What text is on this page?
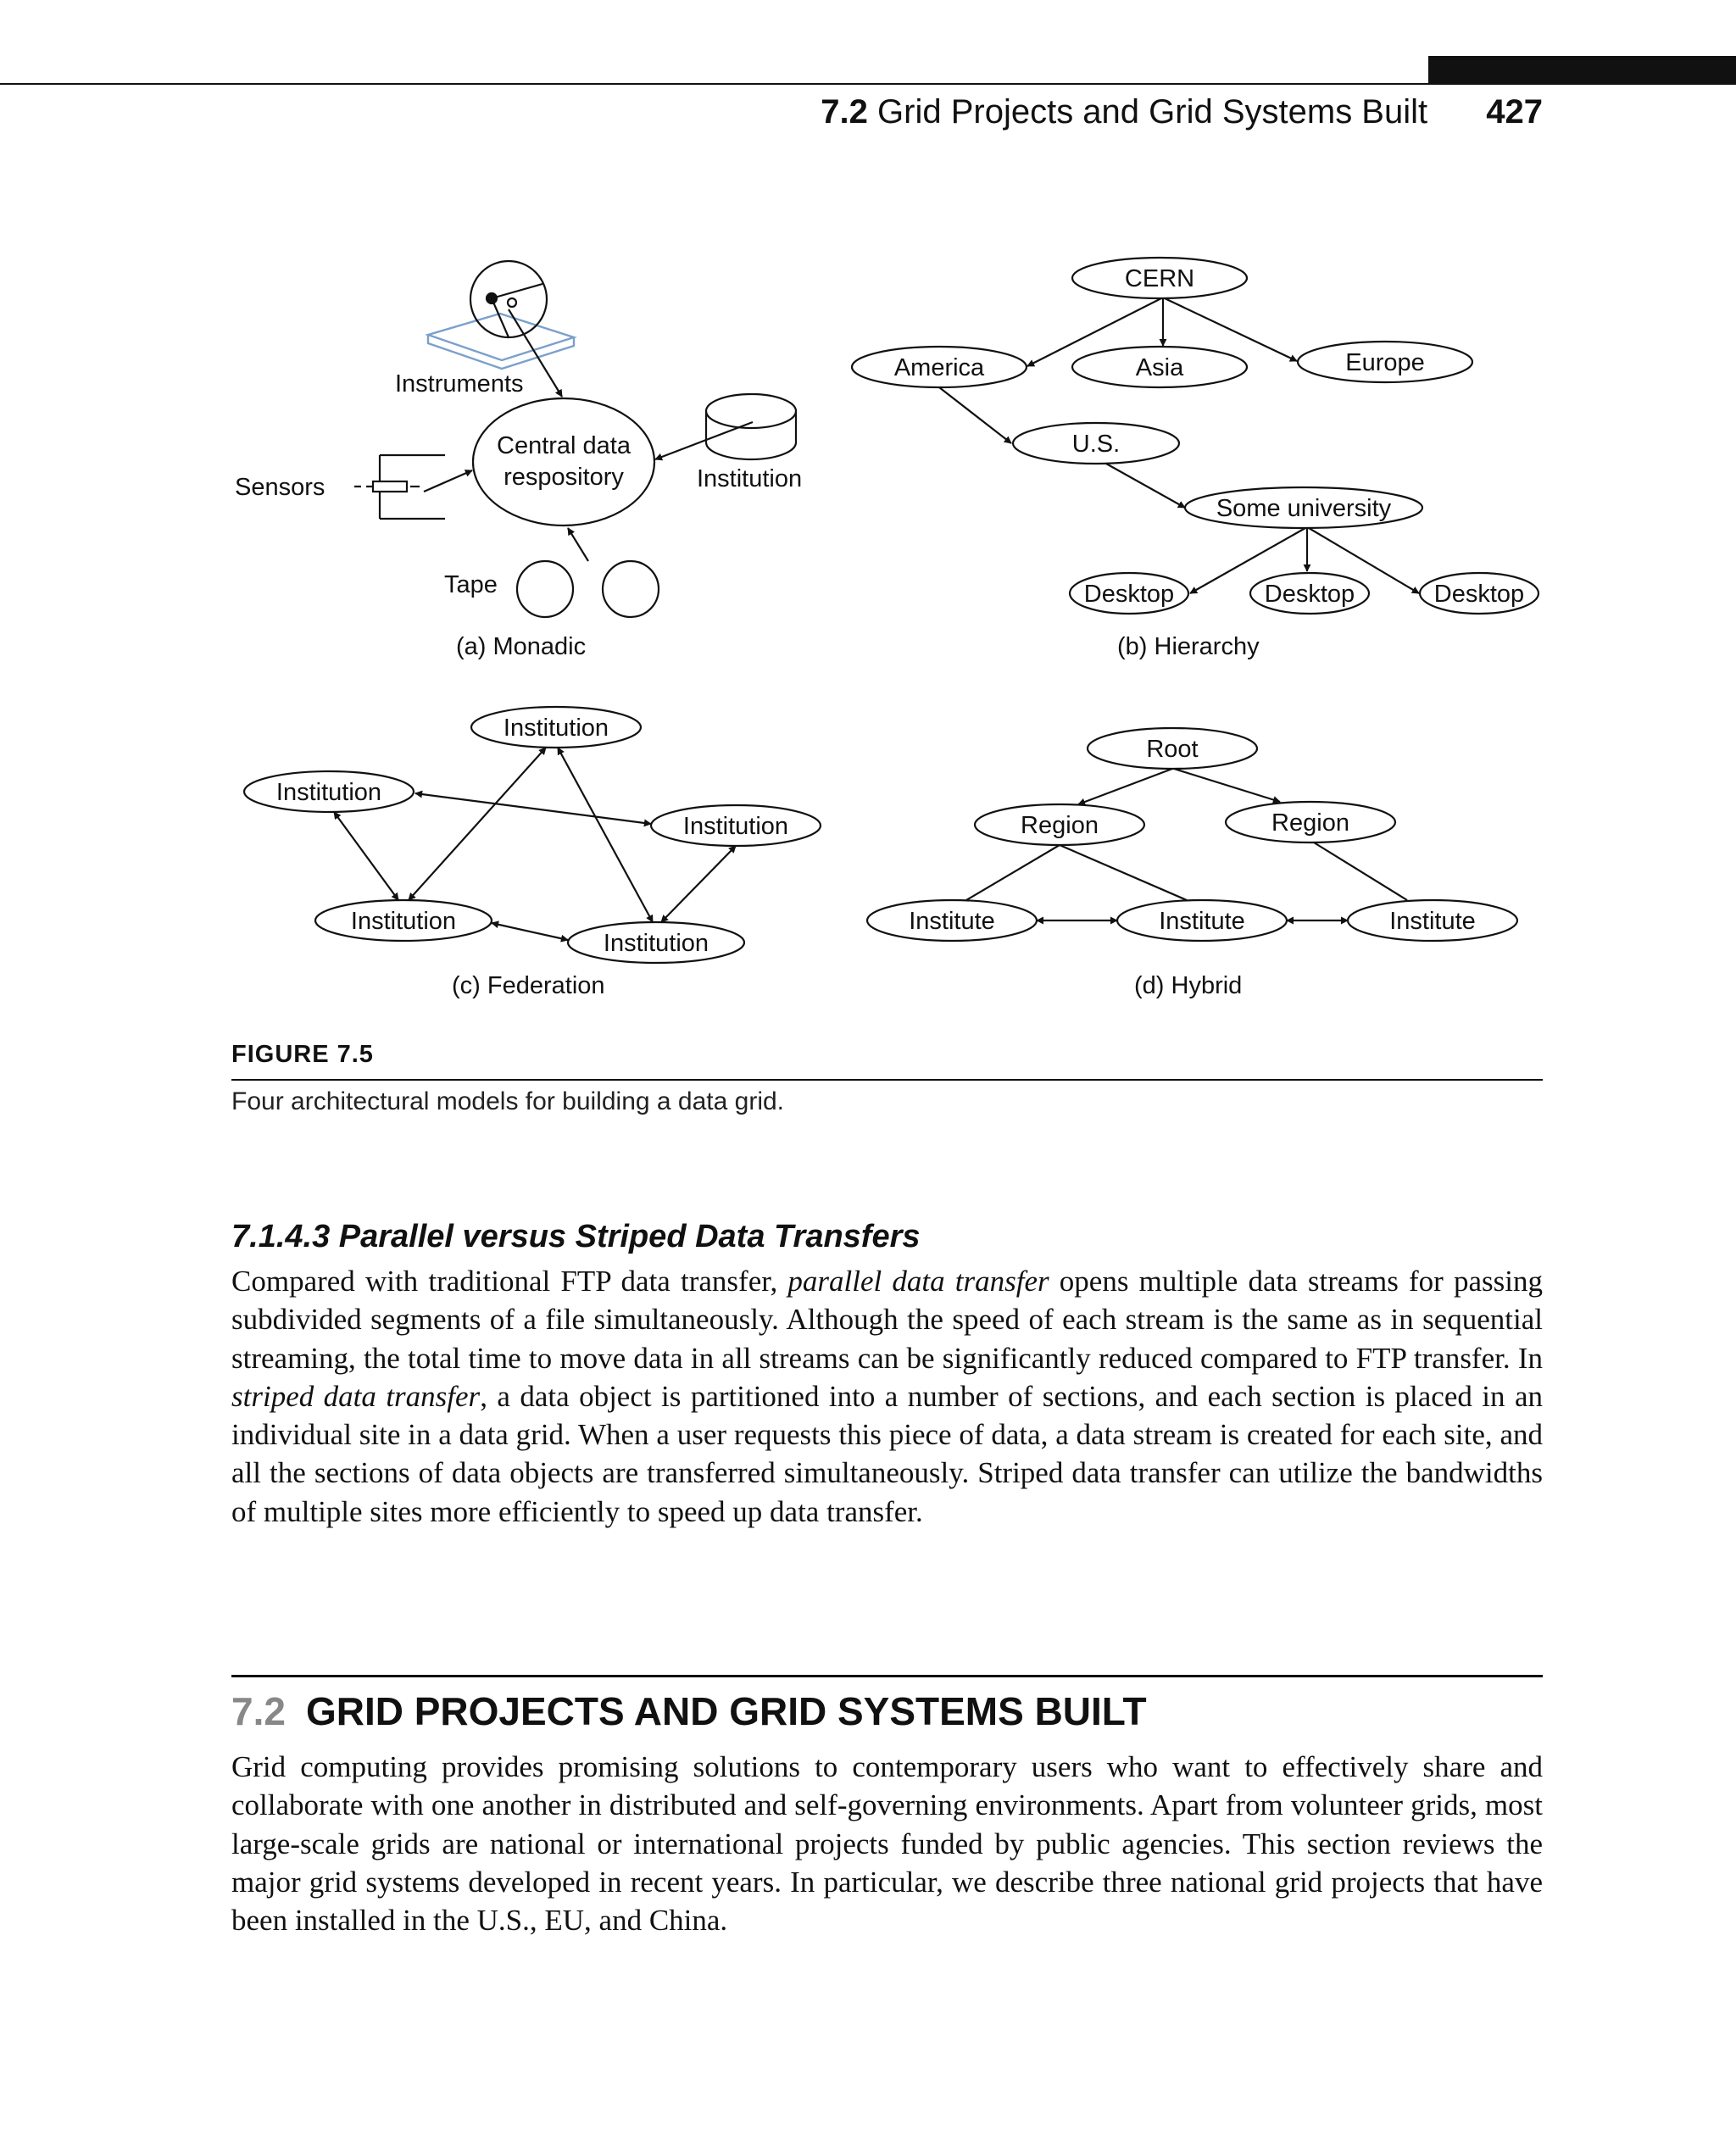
7.2 Grid Projects and Grid Systems Built 427
Instruments
Central data
respository	Institution
Sensors
Tape
(a) Monadic
CERN
America	Asia	Europe
U.S.
Some university
Desktop	Desktop	Desktop
(b) Hierarchy
Institution
Institution
Institution
Institution
Institution
(c) Federation
Root
Region	Region
Institute	Institute	Institute
(d) Hybrid
FIGURE 7.5
Four architectural models for building a data grid.
7.1.4.3 Parallel versus Striped Data Transfers
Compared with traditional FTP data transfer, parallel data transfer opens multiple data streams for passing subdivided segments of a file simultaneously. Although the speed of each stream is the same as in sequential streaming, the total time to move data in all streams can be significantly reduced compared to FTP transfer. In striped data transfer, a data object is partitioned into a number of sections, and each section is placed in an individual site in a data grid. When a user requests this piece of data, a data stream is created for each site, and all the sections of data objects are transferred simultaneously. Striped data transfer can utilize the bandwidths of multiple sites more efficiently to speed up data transfer.
7.2 GRID PROJECTS AND GRID SYSTEMS BUILT
Grid computing provides promising solutions to contemporary users who want to effectively share and collaborate with one another in distributed and self-governing environments. Apart from volunteer grids, most large-scale grids are national or international projects funded by public agencies. This section reviews the major grid systems developed in recent years. In particular, we describe three national grid projects that have been installed in the U.S., EU, and China.
